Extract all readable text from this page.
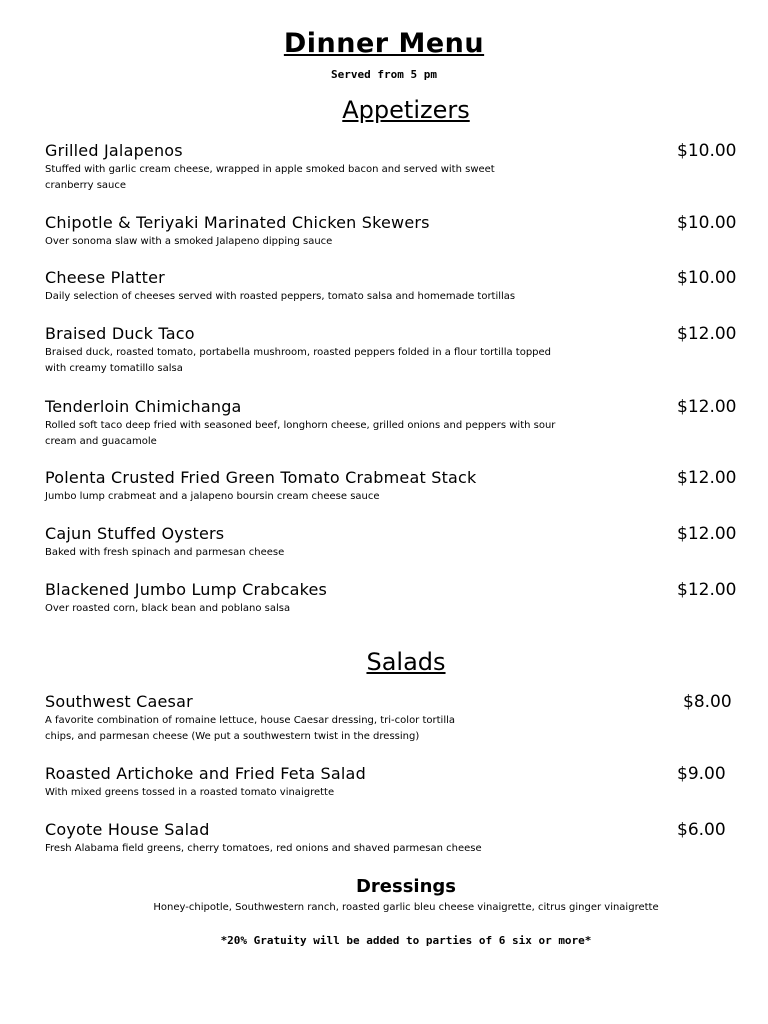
Dinner Menu
Served from 5 pm
Appetizers
Grilled Jalapenos
Stuffed with garlic cream cheese, wrapped in apple smoked bacon and served with sweet cranberry sauce
$10.00
Chipotle & Teriyaki Marinated Chicken Skewers
Over sonoma slaw with a smoked Jalapeno dipping sauce
$10.00
Cheese Platter
Daily selection of cheeses served with roasted peppers, tomato salsa and homemade tortillas
$10.00
Braised Duck Taco
Braised duck, roasted tomato, portabella mushroom, roasted peppers folded in a flour tortilla topped with creamy tomatillo salsa
$12.00
Tenderloin Chimichanga
Rolled soft taco deep fried with seasoned beef, longhorn cheese, grilled onions and peppers with sour cream and guacamole
$12.00
Polenta Crusted Fried Green Tomato Crabmeat Stack
Jumbo lump crabmeat and a jalapeno boursin cream cheese sauce
$12.00
Cajun Stuffed Oysters
Baked with fresh spinach and parmesan cheese
$12.00
Blackened Jumbo Lump Crabcakes
Over roasted corn, black bean and poblano salsa
$12.00
Salads
Southwest Caesar
A favorite combination of romaine lettuce, house Caesar dressing, tri-color tortilla chips, and parmesan cheese (We put a southwestern twist in the dressing)
$8.00
Roasted Artichoke and Fried Feta Salad
With mixed greens tossed in a roasted tomato vinaigrette
$9.00
Coyote House Salad
Fresh Alabama field greens, cherry tomatoes, red onions and shaved parmesan cheese
$6.00
Dressings
Honey-chipotle, Southwestern ranch, roasted garlic bleu cheese vinaigrette, citrus ginger vinaigrette
*20% Gratuity will be added to parties of 6 six or more*
